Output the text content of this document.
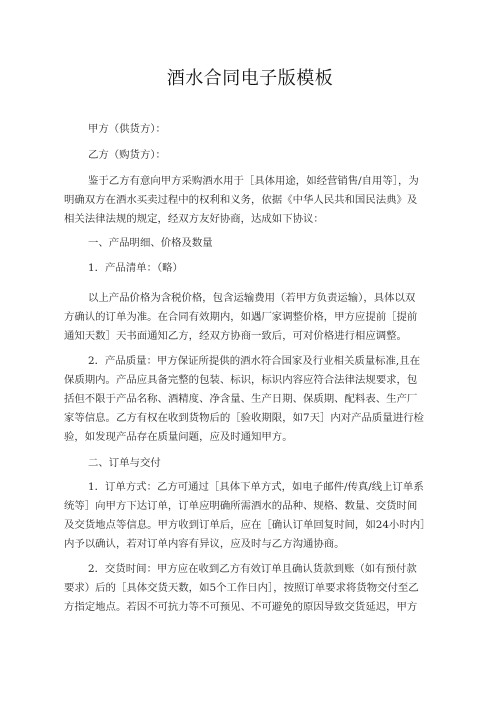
酒水合同电子版模板
甲方（供货方）：
乙方（购货方）：
鉴于乙方有意向甲方采购酒水用于［具体用途，如经营销售/自用等］，为
明确双方在酒水买卖过程中的权利和义务，依据《中华人民共和国民法典》及
相关法律法规的规定，经双方友好协商，达成如下协议：
一、产品明细、价格及数量
1．产品清单：（略）
以上产品价格为含税价格，包含运输费用（若甲方负责运输），具体以双
方确认的订单为准。在合同有效期内，如遇厂家调整价格，甲方应提前［提前
通知天数］天书面通知乙方，经双方协商一致后，可对价格进行相应调整。
2．产品质量：甲方保证所提供的酒水符合国家及行业相关质量标准,且在
保质期内。产品应具备完整的包装、标识，标识内容应符合法律法规要求，包
括但不限于产品名称、酒精度、净含量、生产日期、保质期、配料表、生产厂
家等信息。乙方有权在收到货物后的［验收期限，如7天］内对产品质量进行检
验，如发现产品存在质量问题，应及时通知甲方。
二、订单与交付
1．订单方式：乙方可通过［具体下单方式，如电子邮件/传真/线上订单系
统等］向甲方下达订单，订单应明确所需酒水的品种、规格、数量、交货时间
及交货地点等信息。甲方收到订单后，应在［确认订单回复时间，如24小时内］
内予以确认，若对订单内容有异议，应及时与乙方沟通协商。
2．交货时间：甲方应在收到乙方有效订单且确认货款到账（如有预付款
要求）后的［具体交货天数，如5个工作日内］，按照订单要求将货物交付至乙
方指定地点。若因不可抗力等不可预见、不可避免的原因导致交货延迟，甲方
